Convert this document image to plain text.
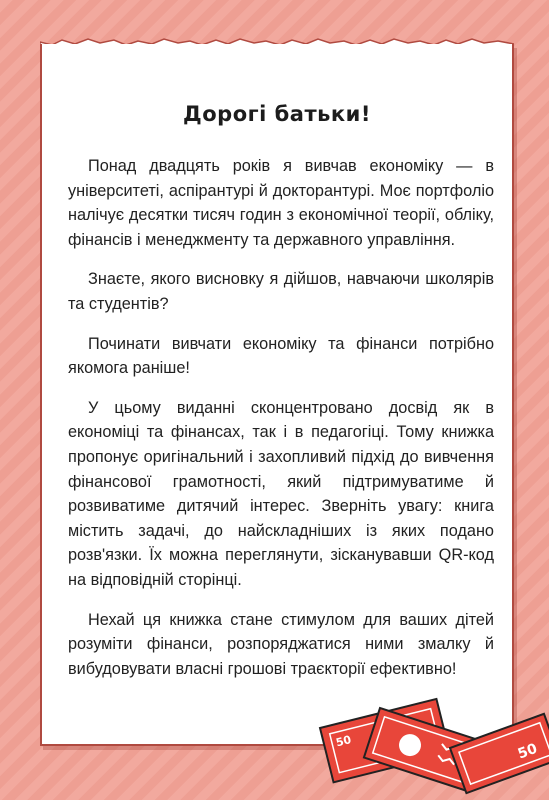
Дорогі батьки!

Понад двадцять років я вивчав економіку — в університеті, аспірантурі й докторантурі. Моє портфоліо налічує десятки тисяч годин з економічної теорії, обліку, фінансів і менеджменту та державного управління.

Знаєте, якого висновку я дійшов, навчаючи школярів та студентів?

Починати вивчати економіку та фінанси потрібно якомога раніше!

У цьому виданні сконцентровано досвід як в економіці та фінансах, так і в педагогіці. Тому книжка пропонує оригінальний і захопливий підхід до вивчення фінансової грамотності, який підтримуватиме й розвиватиме дитячий інтерес. Зверніть увагу: книга містить задачі, до найскладніших із яких подано розв'язки. Їх можна переглянути, зісканувавши QR-код на відповідній сторінці.

Нехай ця книжка стане стимулом для ваших дітей розуміти фінанси, розпоряджатися ними змалку й вибудовувати власні грошові траєкторії ефективно!

50	50
